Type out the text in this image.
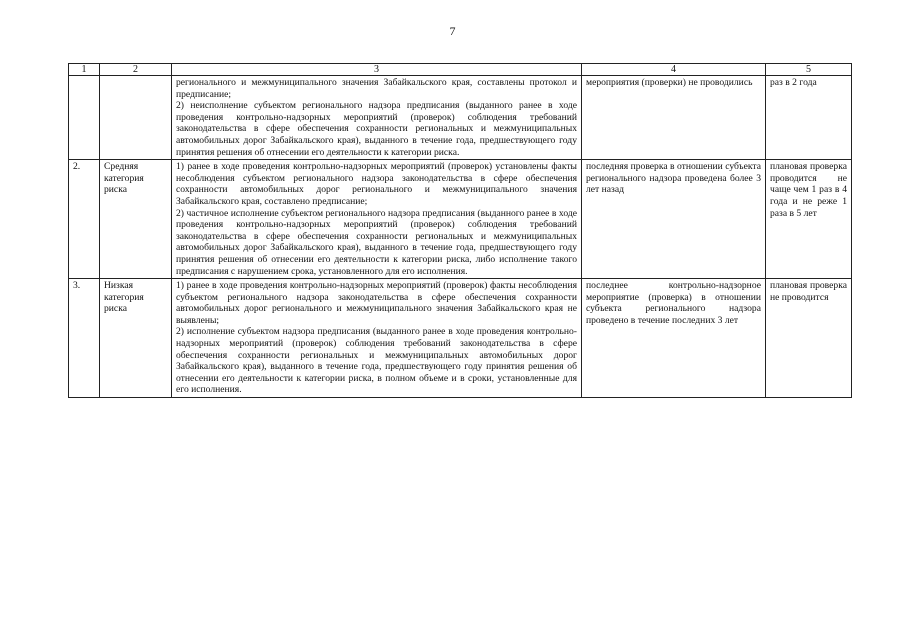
7
1	2	3	4	5

		регионального и межмуниципального значения Забайкальского края, составлены протокол и предписание;

2) неисполнение субъектом регионального надзора предписания (выданного ранее в ходе проведения контрольно-надзорных мероприятий (проверок) соблюдения требований законодательства в сфере обеспечения сохранности региональных и межмуниципальных автомобильных дорог Забайкальского края), выданного в течение года, предшествующего году принятия решения об отнесении его деятельности к категории риска.	мероприятия (проверки) не проводились	раз в 2 года
2.	Средняя категория риска	1) ранее в ходе проведения контрольно-надзорных мероприятий (проверок) установлены факты несоблюдения субъектом регионального надзора законодательства в сфере обеспечения сохранности автомобильных дорог регионального и межмуниципального значения Забайкальского края, составлено предписание;

2) частичное исполнение субъектом регионального надзора предписания (выданного ранее в ходе проведения контрольно-надзорных мероприятий (проверок) соблюдения требований законодательства в сфере обеспечения сохранности региональных и межмуниципальных автомобильных дорог Забайкальского края), выданного в течение года, предшествующего году принятия решения об отнесении его деятельности к категории риска, либо исполнение такого предписания с нарушением срока, установленного для его исполнения.	последняя проверка в отношении субъекта регионального надзора проведена более 3 лет назад	плановая проверка проводится не чаще чем 1 раз в 4 года и не реже 1 раза в 5 лет
3.	Низкая категория риска	1) ранее в ходе проведения контрольно-надзорных мероприятий (проверок) факты несоблюдения субъектом регионального надзора законодательства в сфере обеспечения сохранности автомобильных дорог регионального и межмуниципального значения Забайкальского края не выявлены;

2) исполнение субъектом надзора предписания (выданного ранее в ходе проведения контрольно-надзорных мероприятий (проверок) соблюдения требований законодательства в сфере обеспечения сохранности региональных и межмуниципальных автомобильных дорог Забайкальского края), выданного в течение года, предшествующего году принятия решения об отнесении его деятельности к категории риска, в полном объеме и в сроки, установленные для его исполнения.	последнее контрольно-надзорное мероприятие (проверка) в отношении субъекта регионального надзора проведено в течение последних 3 лет	плановая проверка не проводится
